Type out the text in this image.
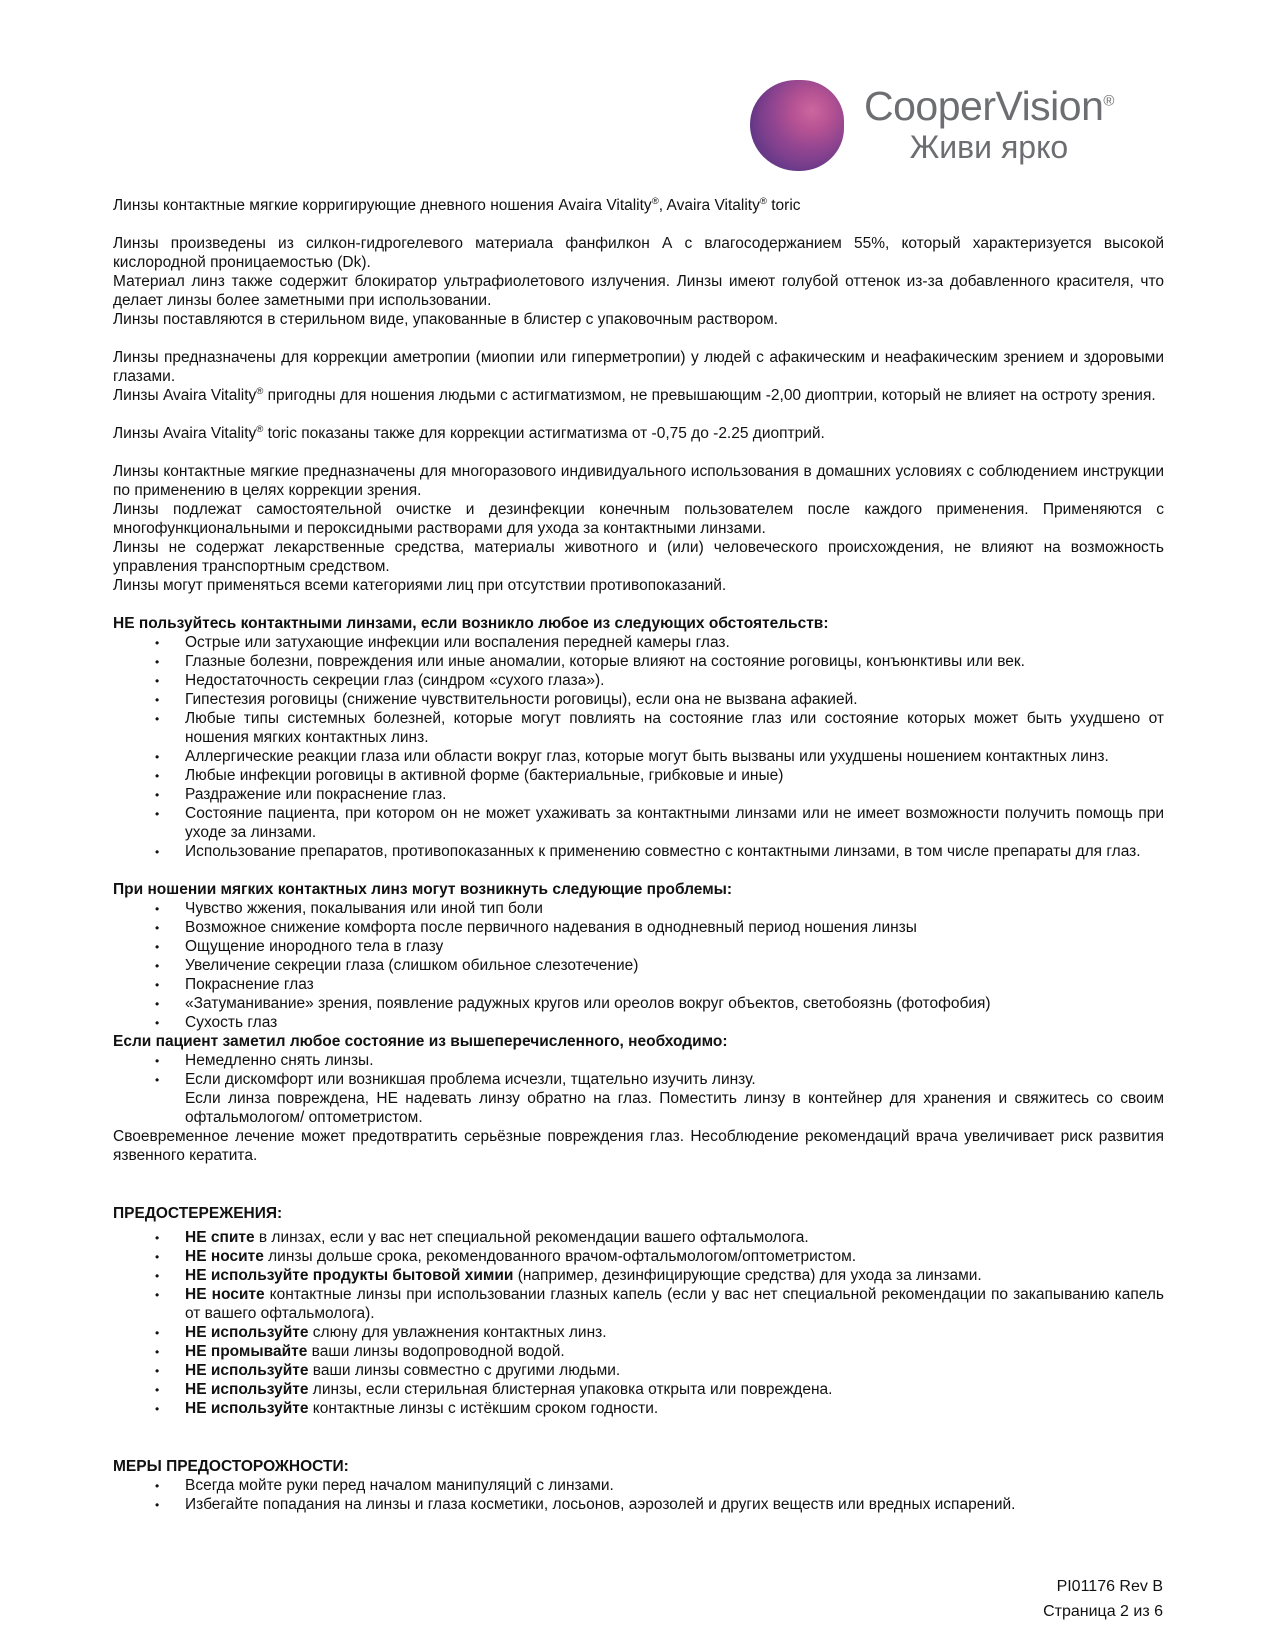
CooperVision®
Живи ярко

Линзы контактные мягкие корригирующие дневного ношения Avaira Vitality®, Avaira Vitality® toric

Линзы произведены из силкон-гидрогелевого материала фанфилкон А с влагосодержанием 55%, который характеризуется высокой кислородной проницаемостью (Dk).

Материал линз также содержит блокиратор ультрафиолетового излучения. Линзы имеют голубой оттенок из-за добавленного красителя, что делает линзы более заметными при использовании.

Линзы поставляются в стерильном виде, упакованные в блистер с упаковочным раствором.

Линзы предназначены для коррекции аметропии (миопии или гиперметропии) у людей с афакическим и неафакическим зрением и здоровыми глазами.

Линзы Avaira Vitality® пригодны для ношения людьми с астигматизмом, не превышающим -2,00 диоптрии, который не влияет на остроту зрения.

Линзы Avaira Vitality® toric показаны также для коррекции астигматизма от -0,75 до -2.25 диоптрий.

Линзы контактные мягкие предназначены для многоразового индивидуального использования в домашних условиях с соблюдением инструкции по применению в целях коррекции зрения.

Линзы подлежат самостоятельной очистке и дезинфекции конечным пользователем после каждого применения. Применяются с многофункциональными и пероксидными растворами для ухода за контактными линзами.

Линзы не содержат лекарственные средства, материалы животного и (или) человеческого происхождения, не влияют на возможность управления транспортным средством.

Линзы могут применяться всеми категориями лиц при отсутствии противопоказаний.

НЕ пользуйтесь контактными линзами, если возникло любое из следующих обстоятельств:

• Острые или затухающие инфекции или воспаления передней камеры глаз.
• Глазные болезни, повреждения или иные аномалии, которые влияют на состояние роговицы, конъюнктивы или век.
• Недостаточность секреции глаз (синдром «сухого глаза»).
• Гипестезия роговицы (снижение чувствительности роговицы), если она не вызвана афакией.
• Любые типы системных болезней, которые могут повлиять на состояние глаз или состояние которых может быть ухудшено от ношения мягких контактных линз.
• Аллергические реакции глаза или области вокруг глаз, которые могут быть вызваны или ухудшены ношением контактных линз.
• Любые инфекции роговицы в активной форме (бактериальные, грибковые и иные)
• Раздражение или покраснение глаз.
• Состояние пациента, при котором он не может ухаживать за контактными линзами или не имеет возможности получить помощь при уходе за линзами.
• Использование препаратов, противопоказанных к применению совместно с контактными линзами, в том числе препараты для глаз.

При ношении мягких контактных линз могут возникнуть следующие проблемы:

• Чувство жжения, покалывания или иной тип боли
• Возможное снижение комфорта после первичного надевания в однодневный период ношения линзы
• Ощущение инородного тела в глазу
• Увеличение секреции глаза (слишком обильное слезотечение)
• Покраснение глаз
• «Затуманивание» зрения, появление радужных кругов или ореолов вокруг объектов, светобоязнь (фотофобия)
• Сухость глаз

Если пациент заметил любое состояние из вышеперечисленного, необходимо:

• Немедленно снять линзы.
• Если дискомфорт или возникшая проблема исчезли, тщательно изучить линзу.
Если линза повреждена, НЕ надевать линзу обратно на глаз. Поместить линзу в контейнер для хранения и свяжитесь со своим офтальмологом/ оптометристом.

Своевременное лечение может предотвратить серьёзные повреждения глаз. Несоблюдение рекомендаций врача увеличивает риск развития язвенного кератита.

ПРЕДОСТЕРЕЖЕНИЯ:

• НЕ спите в линзах, если у вас нет специальной рекомендации вашего офтальмолога.
• НЕ носите линзы дольше срока, рекомендованного врачом-офтальмологом/оптометристом.
• НЕ используйте продукты бытовой химии (например, дезинфицирующие средства) для ухода за линзами.
• НЕ носите контактные линзы при использовании глазных капель (если у вас нет специальной рекомендации по закапыванию капель от вашего офтальмолога).
• НЕ используйте слюну для увлажнения контактных линз.
• НЕ промывайте ваши линзы водопроводной водой.
• НЕ используйте ваши линзы совместно с другими людьми.
• НЕ используйте линзы, если стерильная блистерная упаковка открыта или повреждена.
• НЕ используйте контактные линзы с истёкшим сроком годности.

МЕРЫ ПРЕДОСТОРОЖНОСТИ:

• Всегда мойте руки перед началом манипуляций с линзами.
• Избегайте попадания на линзы и глаза косметики, лосьонов, аэрозолей и других веществ или вредных испарений.
PI01176 Rev B
Страница 2 из 6
